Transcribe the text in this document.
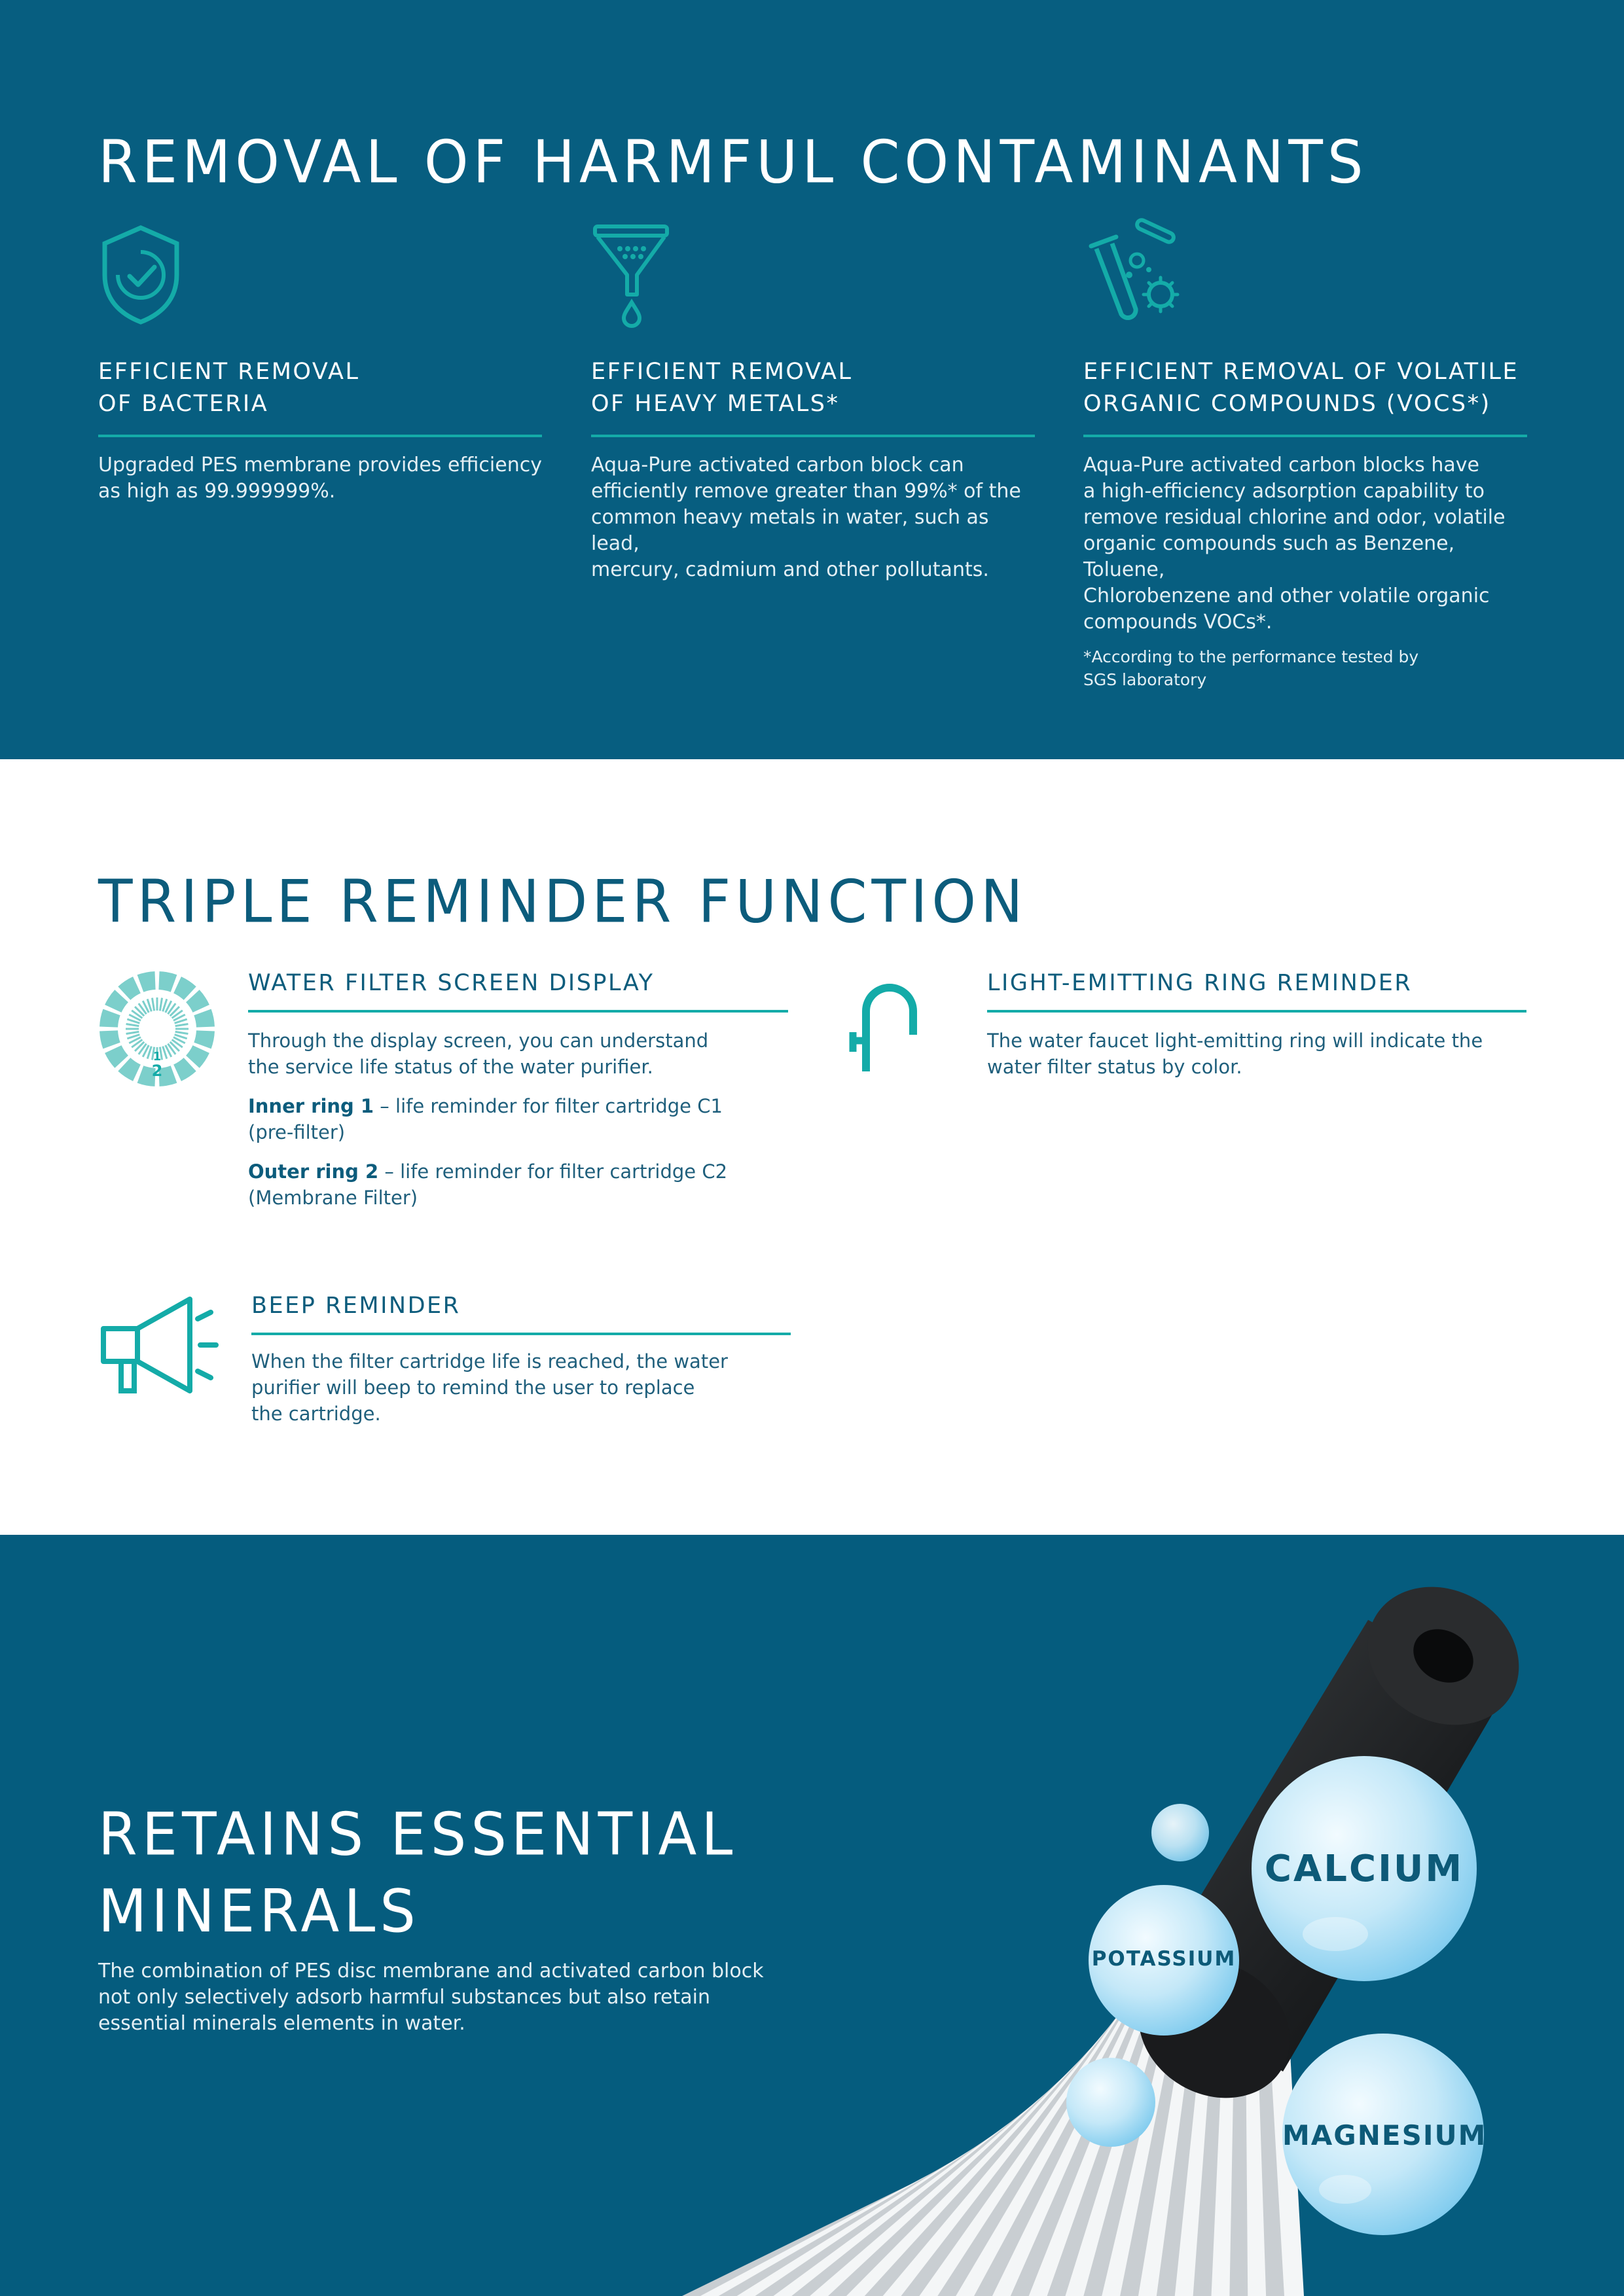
REMOVAL OF HARMFUL CONTAMINANTS
EFFICIENT REMOVAL
OF BACTERIA

Upgraded PES membrane provides efficiency
as high as 99.999999%.

EFFICIENT REMOVAL
OF HEAVY METALS*

Aqua-Pure activated carbon block can
efficiently remove greater than 99%* of the
common heavy metals in water, such as lead,
mercury, cadmium and other pollutants.

EFFICIENT REMOVAL OF VOLATILE
ORGANIC COMPOUNDS (VOCS*)

Aqua-Pure activated carbon blocks have
a high-efficiency adsorption capability to
remove residual chlorine and odor, volatile
organic compounds such as Benzene, Toluene,
Chlorobenzene and other volatile organic
compounds VOCs*.

*According to the performance tested by
SGS laboratory
TRIPLE REMINDER FUNCTION
1
2
WATER FILTER SCREEN DISPLAY

Through the display screen, you can understand
the service life status of the water purifier.

Inner ring 1 – life reminder for filter cartridge C1
(pre-filter)

Outer ring 2 – life reminder for filter cartridge C2
(Membrane Filter)

LIGHT-EMITTING RING REMINDER

The water faucet light-emitting ring will indicate the
water filter status by color.

BEEP REMINDER

When the filter cartridge life is reached, the water
purifier will beep to remind the user to replace
the cartridge.

RETAINS ESSENTIAL
MINERALS

The combination of PES disc membrane and activated carbon block
not only selectively adsorb harmful substances but also retain
essential minerals elements in water.

CALCIUM
POTASSIUM
MAGNESIUM
